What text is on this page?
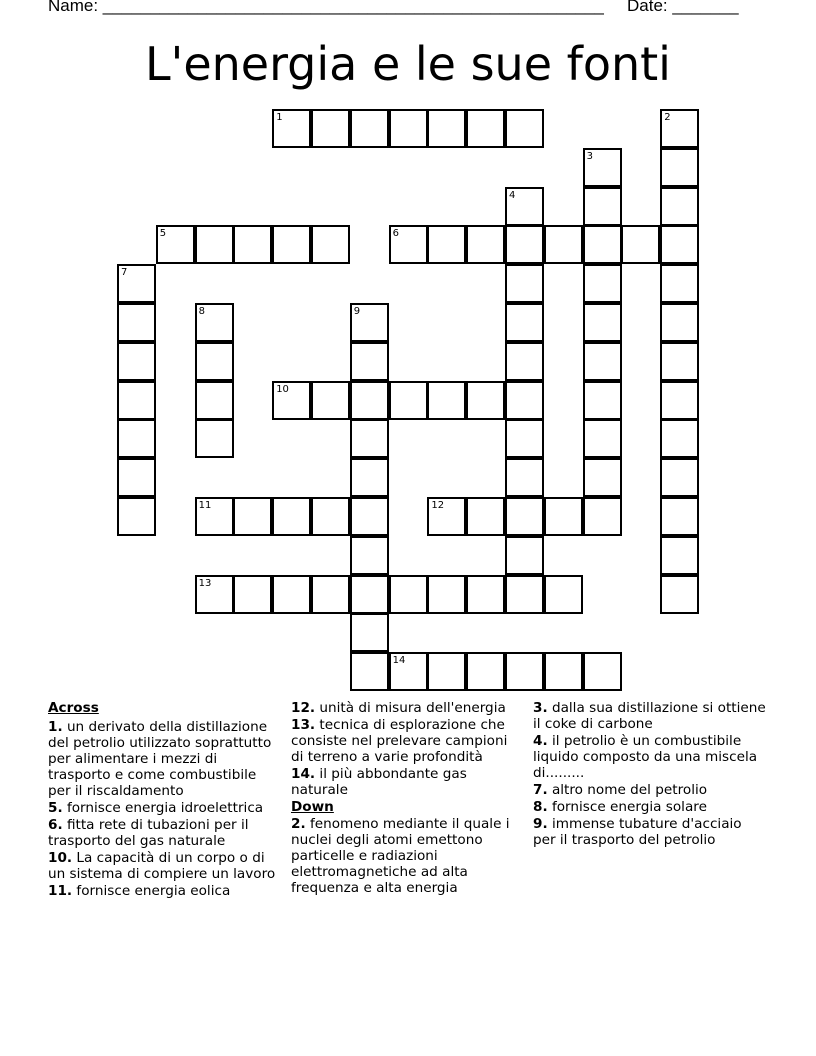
Name: _____________________________________________________ Date: _______
L'energia e le sue fonti
1	2
3
4
5	6
7
8	9
10
11	12
13
14
Across
1. un derivato della distillazione del petrolio utilizzato soprattutto per alimentare i mezzi di trasporto e come combustibile per il riscaldamento
5. fornisce energia idroelettrica
6. fitta rete di tubazioni per il trasporto del gas naturale
10. La capacità di un corpo o di un sistema di compiere un lavoro
11. fornisce energia eolica
12. unità di misura dell'energia
13. tecnica di esplorazione che consiste nel prelevare campioni di terreno a varie profondità
14. il più abbondante gas naturale
Down
2. fenomeno mediante il quale i nuclei degli atomi emettono particelle e radiazioni elettromagnetiche ad alta frequenza e alta energia
3. dalla sua distillazione si ottiene il coke di carbone
4. il petrolio è un combustibile liquido composto da una miscela di.........
7. altro nome del petrolio
8. fornisce energia solare
9. immense tubature d'acciaio per il trasporto del petrolio
